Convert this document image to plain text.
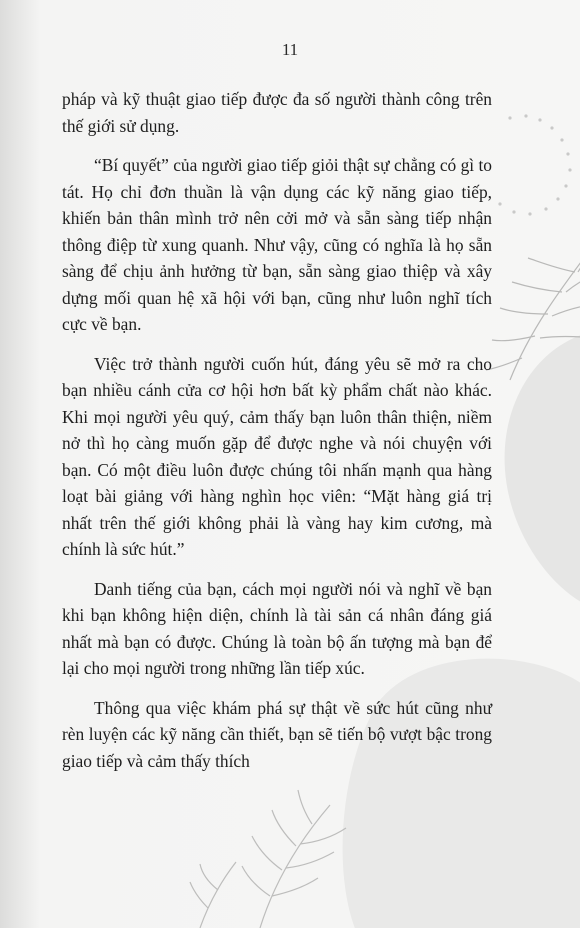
11

pháp và kỹ thuật giao tiếp được đa số người thành công trên thế giới sử dụng.

“Bí quyết” của người giao tiếp giỏi thật sự chẳng có gì to tát. Họ chỉ đơn thuần là vận dụng các kỹ năng giao tiếp, khiến bản thân mình trở nên cởi mở và sẵn sàng tiếp nhận thông điệp từ xung quanh. Như vậy, cũng có nghĩa là họ sẵn sàng để chịu ảnh hưởng từ bạn, sẵn sàng giao thiệp và xây dựng mối quan hệ xã hội với bạn, cũng như luôn nghĩ tích cực về bạn.

Việc trở thành người cuốn hút, đáng yêu sẽ mở ra cho bạn nhiều cánh cửa cơ hội hơn bất kỳ phẩm chất nào khác. Khi mọi người yêu quý, cảm thấy bạn luôn thân thiện, niềm nở thì họ càng muốn gặp để được nghe và nói chuyện với bạn. Có một điều luôn được chúng tôi nhấn mạnh qua hàng loạt bài giảng với hàng nghìn học viên: “Mặt hàng giá trị nhất trên thế giới không phải là vàng hay kim cương, mà chính là sức hút.”

Danh tiếng của bạn, cách mọi người nói và nghĩ về bạn khi bạn không hiện diện, chính là tài sản cá nhân đáng giá nhất mà bạn có được. Chúng là toàn bộ ấn tượng mà bạn để lại cho mọi người trong những lần tiếp xúc.

Thông qua việc khám phá sự thật về sức hút cũng như rèn luyện các kỹ năng cần thiết, bạn sẽ tiến bộ vượt bậc trong giao tiếp và cảm thấy thích
